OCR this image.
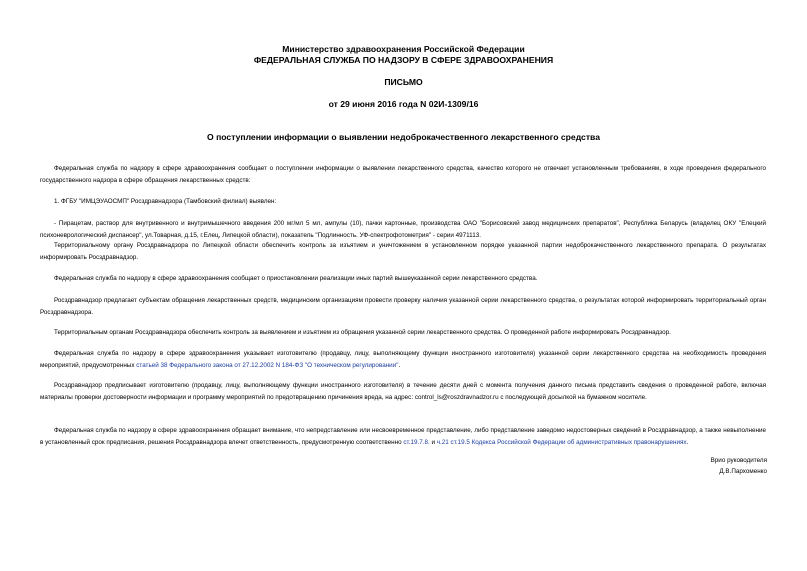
Министерство здравоохранения Российской Федерации
ФЕДЕРАЛЬНАЯ СЛУЖБА ПО НАДЗОРУ В СФЕРЕ ЗДРАВООХРАНЕНИЯ
ПИСЬМО
от 29 июня 2016 года N 02И-1309/16
О поступлении информации о выявлении недоброкачественного лекарственного средства

Федеральная служба по надзору в сфере здравоохранения сообщает о поступлении информации о выявлении лекарственного средства, качество которого не отвечает установленным требованиям, в ходе проведения федерального государственного надзора в сфере обращения лекарственных средств:

1. ФГБУ "ИМЦЭУАОСМП" Росздравнадзора (Тамбовский филиал) выявлен:

- Пирацетам, раствор для внутривенного и внутримышечного введения 200 мг/мл 5 мл, ампулы (10), пачки картонные, производства ОАО "Борисовский завод медицинских препаратов", Республика Беларусь (владелец ОКУ "Елецкий психоневрологический диспансер", ул.Товарная, д.15, г.Елец, Липецкой области), показатель "Подлинность. УФ-спектрофотометрия" - серии 4971113.

Территориальному органу Росздравнадзора по Липецкой области обеспечить контроль за изъятием и уничтожением в установленном порядке указанной партии недоброкачественного лекарственного препарата. О результатах информировать Росздравнадзор.

Федеральная служба по надзору в сфере здравоохранения сообщает о приостановлении реализации иных партий вышеуказанной серии лекарственного средства.

Росздравнадзор предлагает субъектам обращения лекарственных средств, медицинским организациям провести проверку наличия указанной серии лекарственного средства, о результатах которой информировать территориальный орган Росздравнадзора.

Территориальным органам Росздравнадзора обеспечить контроль за выявлением и изъятием из обращения указанной серии лекарственного средства. О проведенной работе информировать Росздравнадзор.

Федеральная служба по надзору в сфере здравоохранения указывает изготовителю (продавцу, лицу, выполняющему функции иностранного изготовителя) указанной серии лекарственного средства на необходимость проведения мероприятий, предусмотренных статьей 38 Федерального закона от 27.12.2002 N 184-ФЗ "О техническом регулировании".

Росздравнадзор предписывает изготовителю (продавцу, лицу, выполняющему функции иностранного изготовителя) в течение десяти дней с момента получения данного письма представить сведения о проведенной работе, включая материалы проверки достоверности информации и программу мероприятий по предотвращению причинения вреда, на адрес: control_ls@roszdravnadzor.ru с последующей досылкой на бумажном носителе.

Федеральная служба по надзору в сфере здравоохранения обращает внимание, что непредставление или несвоевременное представление, либо представление заведомо недостоверных сведений в Росздравнадзор, а также невыполнение в установленный срок предписания, решения Росздравнадзора влечет ответственность, предусмотренную соответственно ст.19.7.8. и ч.21 ст.19.5 Кодекса Российской Федерации об административных правонарушениях.

Врио руководителя
Д.В.Пархоменко
